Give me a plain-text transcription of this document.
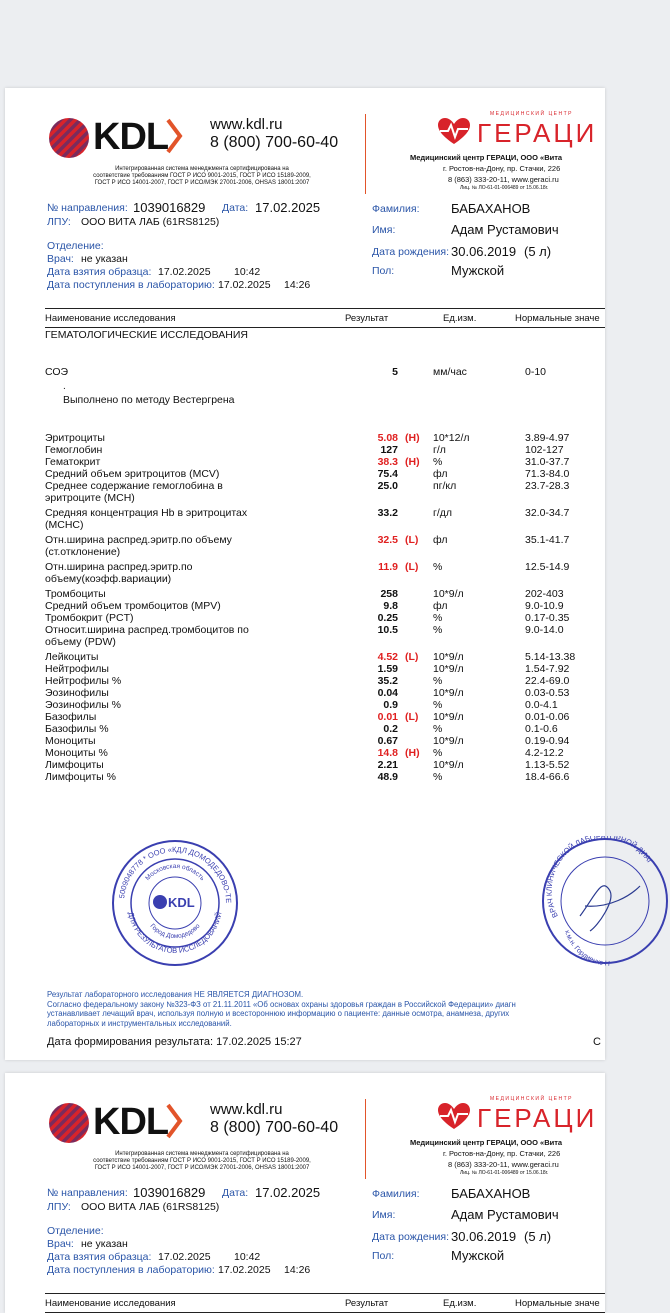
KDL	www.kdl.ru
8 (800) 700-60-40
Интегрированная система менеджмента сертифицирована на
соответствие требованиям ГОСТ Р ИСО 9001-2015, ГОСТ Р ИСО 15189-2009,
ГОСТ Р ИСО 14001-2007, ГОСТ Р ИСО/МЭК 27001-2006, OHSAS 18001:2007
МЕДИЦИНСКИЙ ЦЕНТР
ГЕРАЦИ
Медицинский центр ГЕРАЦИ, ООО «Вита
г. Ростов-на-Дону, пр. Стачки, 226
8 (863) 333-20-11, www.geraci.ru
Лиц. № ЛО-61-01-006489 от 15.06.18г.
№ направления: 1039016829 Дата: 17.02.2025
ЛПУ: ООО ВИТА ЛАБ (61RS8125)
Отделение:
Врач: не указан
Дата взятия образца: 17.02.2025 10:42
Дата поступления в лабораторию: 17.02.2025 14:26
Фамилия: БАБАХАНОВ
Имя:	Адам Рустамович
Дата рождения: 30.06.2019 (5 л)
Пол:	Мужской
Наименование исследования	Результат	Ед.изм.	Нормальные значе
ГЕМАТОЛОГИЧЕСКИЕ ИССЛЕДОВАНИЯ
СОЭ	5	мм/час	0-10
.
Выполнено по методу Вестергрена
Эритроциты	5.08 (H) 10*12/л	3.89-4.97
Гемоглобин	127	г/л	102-127
Гематокрит	38.3 (H) %	31.0-37.7
Средний объем эритроцитов (MCV)	75.4	фл	71.3-84.0
Среднее содержание гемоглобина в
эритроците (MCH)
25.0	пг/кл	23.7-28.3
Средняя концентрация Hb в эритроцитах
(MCHC)
33.2	г/дл	32.0-34.7
Отн.ширина распред.эритр.по объему
(ст.отклонение)
32.5 (L) фл	35.1-41.7
Отн.ширина распред.эритр.по
объему(коэфф.вариации)
11.9 (L) %	12.5-14.9
Тромбоциты	258	10*9/л	202-403
Средний объем тромбоцитов (MPV)	9.8	фл	9.0-10.9
Тромбокрит (PCT)	0.25	%	0.17-0.35
Относит.ширина распред.тромбоцитов по
объему (PDW)
10.5	%	9.0-14.0
Лейкоциты	4.52 (L) 10*9/л	5.14-13.38
Нейтрофилы	1.59	10*9/л	1.54-7.92
Нейтрофилы %	35.2	%	22.4-69.0
Эозинофилы	0.04	10*9/л	0.03-0.53
Эозинофилы %	0.9	%	0.0-4.1
Базофилы	0.01 (L) 10*9/л	0.01-0.06
Базофилы %	0.2	%	0.1-0.6
Моноциты	0.67	10*9/л	0.19-0.94
Моноциты %	14.8 (H) %	4.2-12.2
Лимфоциты	2.21	10*9/л	1.13-5.52
Лимфоциты %	48.9	%	18.4-66.6
5009048778 * ООО «КДЛ ДОМОДЕДОВО-ТЕ
ДЛЯ РЕЗУЛЬТАТОВ ИССЛЕДОВАНИЙ
Московская область
Город Домодедово
KDL
ВРАЧ КЛИНИЧЕСКОЙ ЛАБОРАТОРНОЙ ДИАГ
к.м.н. Гордиенко Н
Результат лабораторного исследования НЕ ЯВЛЯЕТСЯ ДИАГНОЗОМ.
Согласно федеральному закону №323-ФЗ от 21.11.2011 «Об основах охраны здоровья граждан в Российской Федерации» диагн
устанавливает лечащий врач, используя полную и всестороннюю информацию о пациенте: данные осмотра, анамнеза, других
лабораторных и инструментальных исследований.
Дата формирования результата: 17.02.2025 15:27	С
KDL	www.kdl.ru
8 (800) 700-60-40
Интегрированная система менеджмента сертифицирована на
соответствие требованиям ГОСТ Р ИСО 9001-2015, ГОСТ Р ИСО 15189-2009,
ГОСТ Р ИСО 14001-2007, ГОСТ Р ИСО/МЭК 27001-2006, OHSAS 18001:2007
МЕДИЦИНСКИЙ ЦЕНТР
ГЕРАЦИ
Медицинский центр ГЕРАЦИ, ООО «Вита
г. Ростов-на-Дону, пр. Стачки, 226
8 (863) 333-20-11, www.geraci.ru
Лиц. № ЛО-61-01-006489 от 15.06.18г.
№ направления: 1039016829 Дата: 17.02.2025
ЛПУ: ООО ВИТА ЛАБ (61RS8125)
Отделение:
Врач: не указан
Дата взятия образца: 17.02.2025 10:42
Дата поступления в лабораторию: 17.02.2025 14:26
Фамилия: БАБАХАНОВ
Имя:	Адам Рустамович
Дата рождения: 30.06.2019 (5 л)
Пол:	Мужской
Наименование исследования	Результат	Ед.изм.	Нормальные значе
